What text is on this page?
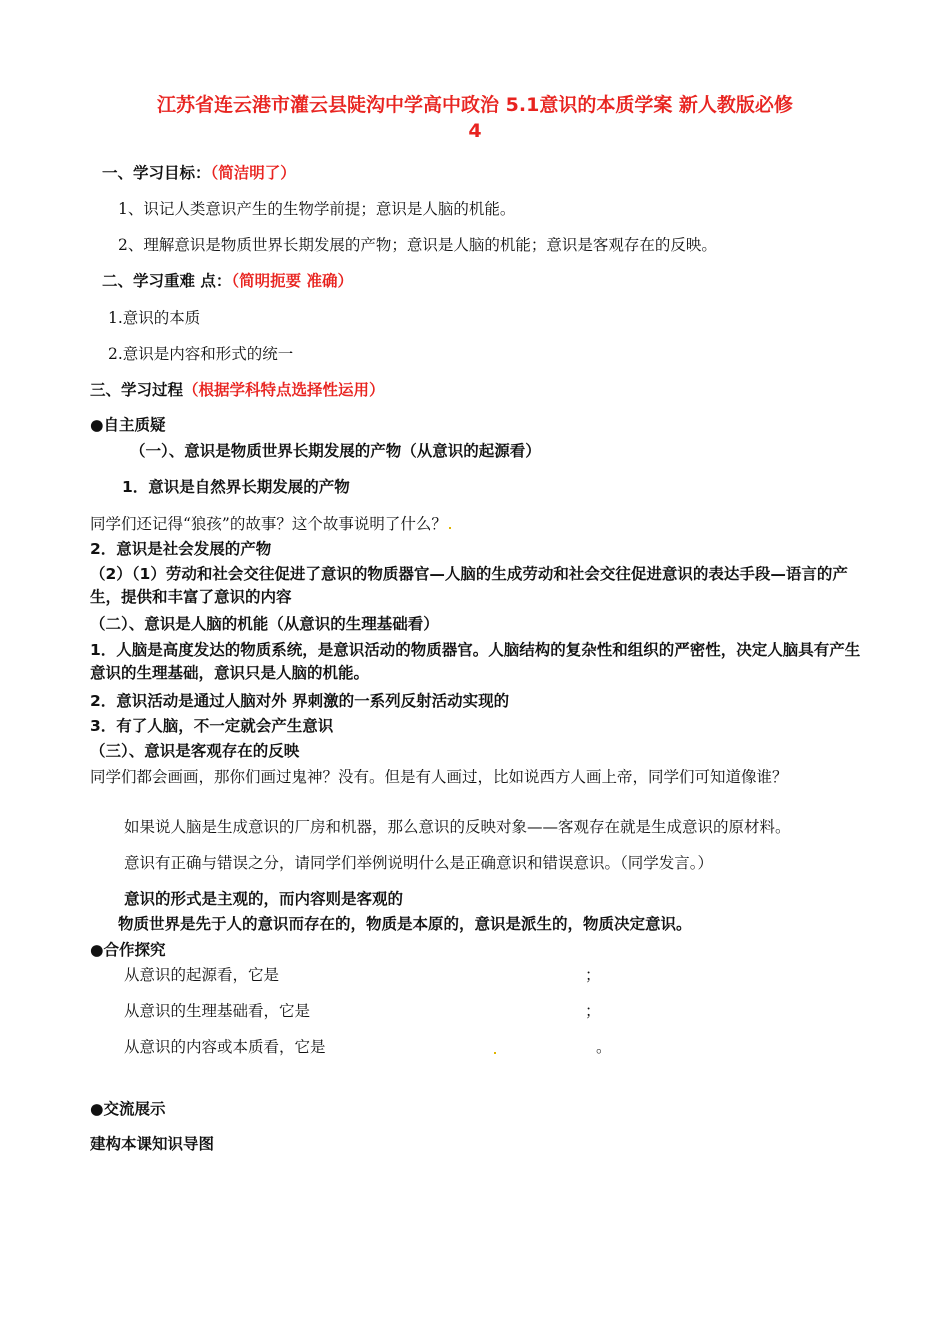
江苏省连云港市灌云县陡沟中学高中政治 5.1意识的本质学案 新人教版必修
4
一、学习目标：（简洁明了）
1、识记人类意识产生的生物学前提；意识是人脑的机能。
2、理解意识是物质世界长期发展的产物；意识是人脑的机能；意识是客观存在的反映。
二、学习重难 点：（简明扼要 准确）
1.意识的本质
2.意识是内容和形式的统一
三、学习过程（根据学科特点选择性运用）
●自主质疑
（一）、意识是物质世界长期发展的产物（从意识的起源看）
1．意识是自然界长期发展的产物
同学们还记得“狼孩”的故事？这个故事说明了什么？
2．意识是社会发展的产物
（2）（1）劳动和社会交往促进了意识的物质器官—人脑的生成劳动和社会交往促进意识的表达手段—语言的产生，提供和丰富了意识的内容
（二）、意识是人脑的机能（从意识的生理基础看）
1．人脑是高度发达的物质系统，是意识活动的物质器官。人脑结构的复杂性和组织的严密性，决定人脑具有产生意识的生理基础，意识只是人脑的机能。
2．意识活动是通过人脑对外 界刺激的一系列反射活动实现的
3．有了人脑，不一定就会产生意识
（三）、意识是客观存在的反映
同学们都会画画，那你们画过鬼神？没有。但是有人画过，比如说西方人画上帝，同学们可知道像谁？
如果说人脑是生成意识的厂房和机器，那么意识的反映对象——客观存在就是生成意识的原材料。
意识有正确与错误之分，请同学们举例说明什么是正确意识和错误意识。（同学发言。）
意识的形式是主观的，而内容则是客观的
物质世界是先于人的意识而存在的，物质是本原的，意识是派生的，物质决定意识。
●合作探究
从意识的起源看，它是	；
从意识的生理基础看，它是	；
从意识的内容或本质看，它是	。
●交流展示
建构本课知识导图
